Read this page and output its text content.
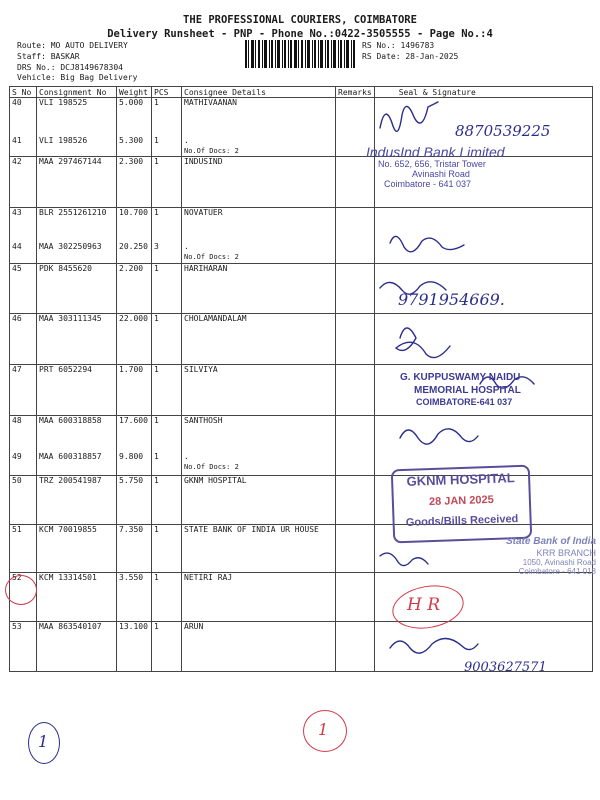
THE PROFESSIONAL COURIERS, COIMBATORE
Delivery Runsheet - PNP - Phone No.:0422-3505555 - Page No.:4
Route: MO AUTO DELIVERY
Staff: BASKAR
DRS No.: DCJ8149678304
Vehicle: Big Bag Delivery
RS No.: 1496783
RS Date: 28-Jan-2025
S No	Consignment No	Weight	PCS	Consignee Details	Remarks	Seal & Signature
40	VLI 198525	5.000	1	MATHIVAANAN		
41	VLI 198526	5.300	1	.
No.Of Docs: 2		

42	MAA 297467144	2.300	1	INDUSIND		
43	BLR 2551261210	10.700	1	NOVATUER		
44	MAA 302250963	20.250	3	.
No.Of Docs: 2		

45	PDK 8455620	2.200	1	HARIHARAN		
46	MAA 303111345	22.000	1	CHOLAMANDALAM		
47	PRT 6052294	1.700	1	SILVIYA		
48	MAA 600318858	17.600	1	SANTHOSH		
49	MAA 600318857	9.800	1	.
No.Of Docs: 2		

50	TRZ 200541987	5.750	1	GKNM HOSPITAL		
51	KCM 70019855	7.350	1	STATE BANK OF INDIA UR HOUSE		
52	KCM 13314501	3.550	1	NETIRI RAJ		
53	MAA 863540107	13.100	1	ARUN		
8870539225
9791954669.
9003627571
IndusInd Bank Limited
No. 652, 656, Tristar Tower
Avinashi Road
Coimbatore - 641 037
G. KUPPUSWAMY NAIDU
MEMORIAL HOSPITAL
COIMBATORE-641 037
GKNM HOSPITAL
28 JAN 2025
Goods/Bills Received
State Bank of India
KRR BRANCH
1050, Avinashi Road
Coimbatore - 641 018
H R
1
1
